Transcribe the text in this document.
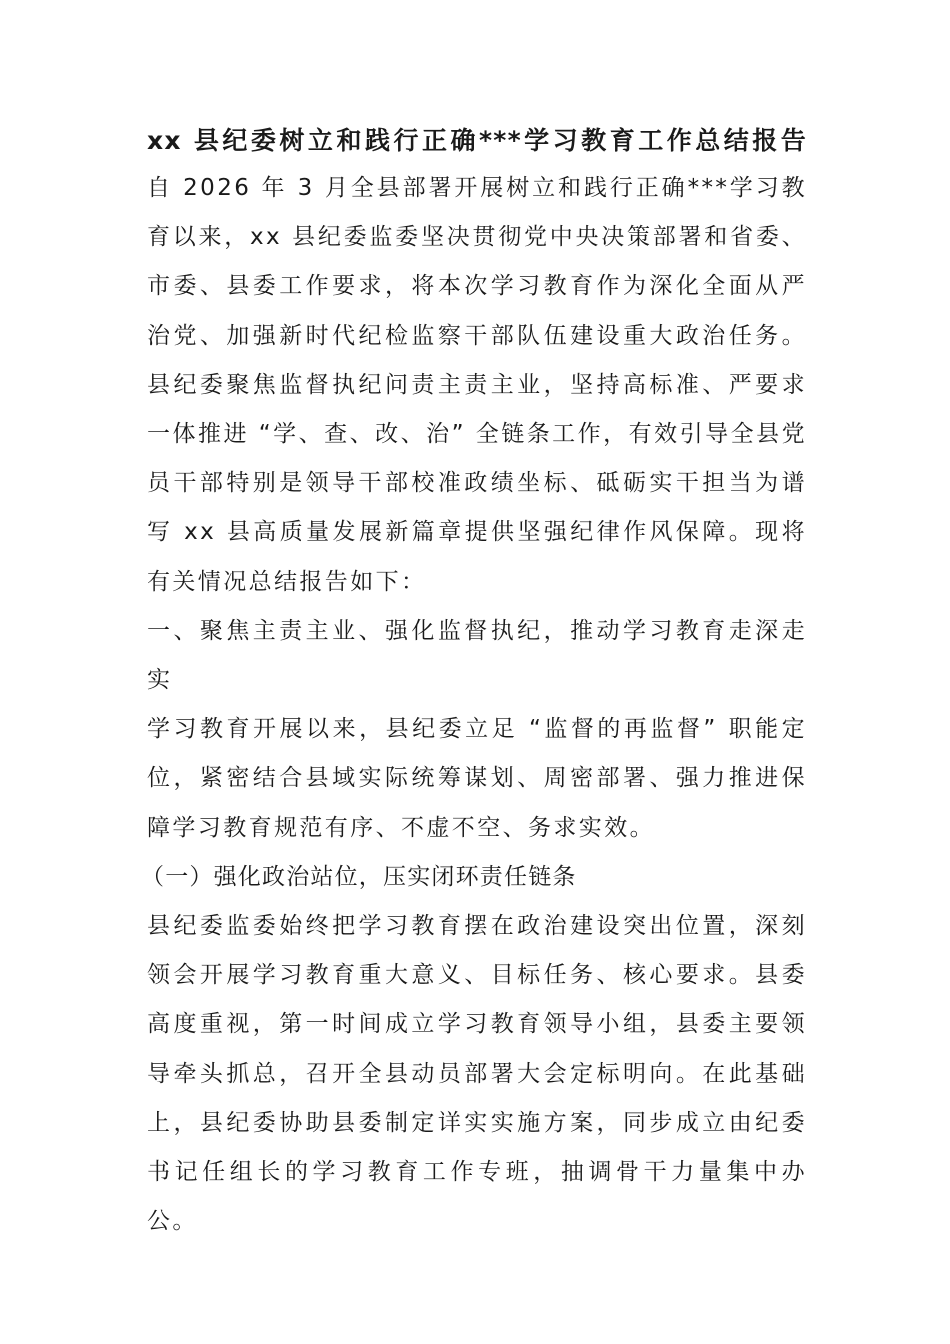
xx 县纪委树立和践行正确***学习教育工作总结报告

自 2026 年 3 月全县部署开展树立和践行正确***学习教育以来，xx 县纪委监委坚决贯彻党中央决策部署和省委、市委、县委工作要求，将本次学习教育作为深化全面从严治党、加强新时代纪检监察干部队伍建设重大政治任务。县纪委聚焦监督执纪问责主责主业，坚持高标准、严要求一体推进 “学、查、改、治” 全链条工作，有效引导全县党员干部特别是领导干部校准政绩坐标、砥砺实干担当为谱写 xx 县高质量发展新篇章提供坚强纪律作风保障。现将有关情况总结报告如下：

一、聚焦主责主业、强化监督执纪，推动学习教育走深走实

学习教育开展以来，县纪委立足 “监督的再监督” 职能定位，紧密结合县域实际统筹谋划、周密部署、强力推进保障学习教育规范有序、不虚不空、务求实效。

（一）强化政治站位，压实闭环责任链条

县纪委监委始终把学习教育摆在政治建设突出位置，深刻领会开展学习教育重大意义、目标任务、核心要求。县委高度重视，第一时间成立学习教育领导小组，县委主要领导牵头抓总，召开全县动员部署大会定标明向。在此基础上，县纪委协助县委制定详实实施方案，同步成立由纪委书记任组长的学习教育工作专班，抽调骨干力量集中办公。
